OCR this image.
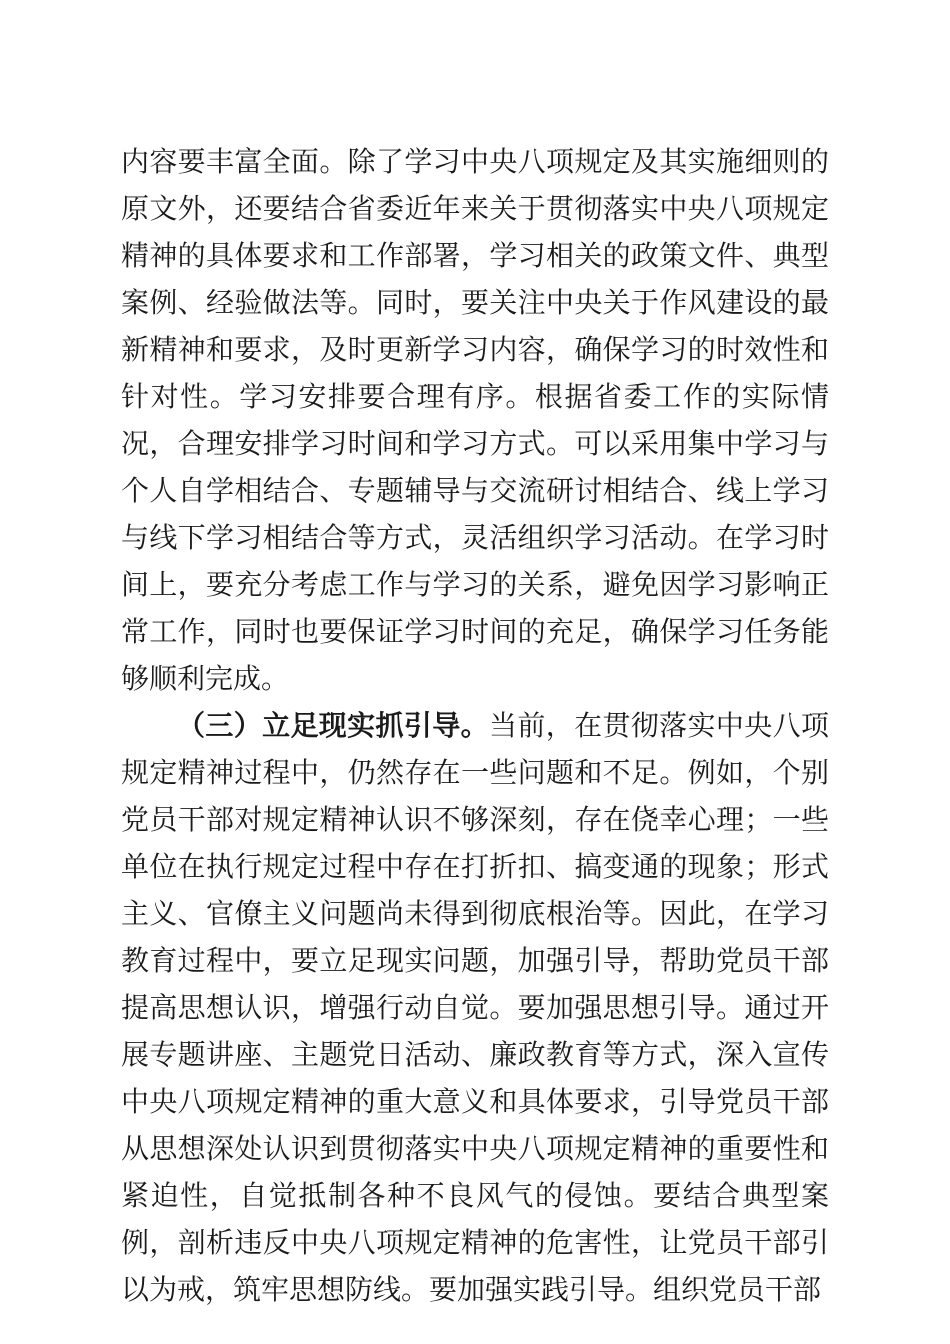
内容要丰富全面。除了学习中央八项规定及其实施细则的原文外，还要结合省委近年来关于贯彻落实中央八项规定精神的具体要求和工作部署，学习相关的政策文件、典型案例、经验做法等。同时，要关注中央关于作风建设的最新精神和要求，及时更新学习内容，确保学习的时效性和针对性。学习安排要合理有序。根据省委工作的实际情况，合理安排学习时间和学习方式。可以采用集中学习与个人自学相结合、专题辅导与交流研讨相结合、线上学习与线下学习相结合等方式，灵活组织学习活动。在学习时间上，要充分考虑工作与学习的关系，避免因学习影响正常工作，同时也要保证学习时间的充足，确保学习任务能够顺利完成。

（三）立足现实抓引导。当前，在贯彻落实中央八项规定精神过程中，仍然存在一些问题和不足。例如，个别党员干部对规定精神认识不够深刻，存在侥幸心理；一些单位在执行规定过程中存在打折扣、搞变通的现象；形式主义、官僚主义问题尚未得到彻底根治等。因此，在学习教育过程中，要立足现实问题，加强引导，帮助党员干部提高思想认识，增强行动自觉。要加强思想引导。通过开展专题讲座、主题党日活动、廉政教育等方式，深入宣传中央八项规定精神的重大意义和具体要求，引导党员干部从思想深处认识到贯彻落实中央八项规定精神的重要性和紧迫性，自觉抵制各种不良风气的侵蚀。要结合典型案例，剖析违反中央八项规定精神的危害性，让党员干部引以为戒，筑牢思想防线。要加强实践引导。组织党员干部
